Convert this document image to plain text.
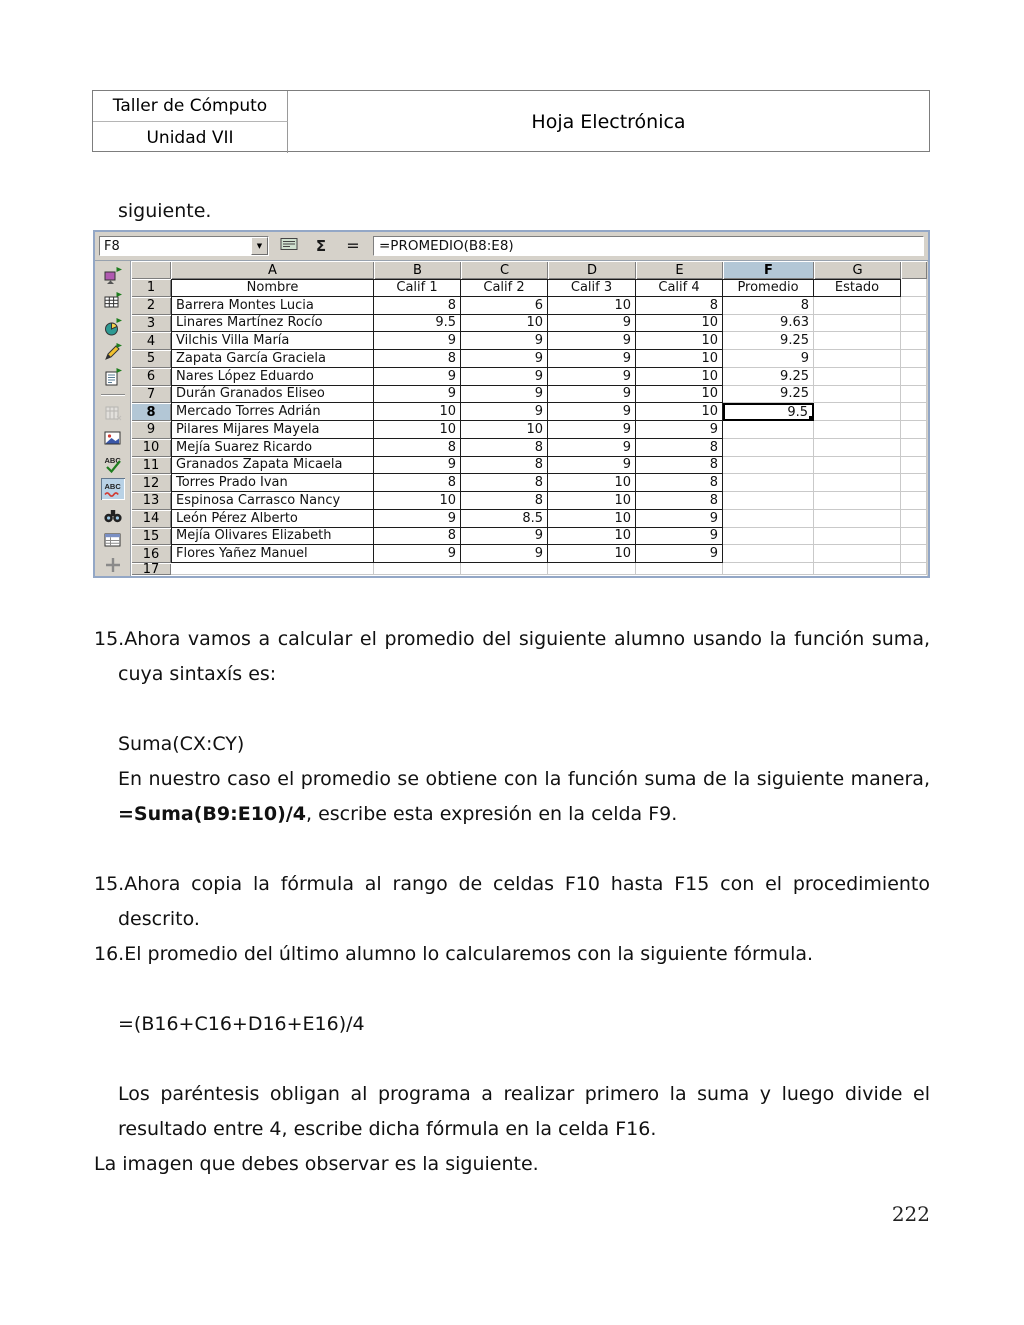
Taller de Cómputo
Hoja Electrónica
Unidad VII
siguiente.
F8	▼	Σ	=	=PROMEDIO(B8:E8)
ABC
ABC
A	B	C	D	E	F	G
1	Nombre	Calif 1	Calif 2	Calif 3	Calif 4	Promedio	Estado
2	Barrera Montes Lucia	8	6	10	8	8
3	Linares Martínez Rocío	9.5	10	9	10	9.63
4	Vilchis Villa María	9	9	9	10	9.25
5	Zapata García Graciela	8	9	9	10	9
6	Nares López Eduardo	9	9	9	10	9.25
7	Durán Granados Eliseo	9	9	9	10	9.25
8	Mercado Torres Adrián	10	9	9	10	9.5
9	Pilares Mijares Mayela	10	10	9	9
10	Mejía Suarez Ricardo	8	8	9	8
11	Granados Zapata Micaela	9	8	9	8
12	Torres Prado Ivan	8	8	10	8
13	Espinosa Carrasco Nancy	10	8	10	8
14	León Pérez Alberto	9	8.5	10	9
15	Mejía Olivares Elizabeth	8	9	10	9
16	Flores Yañez Manuel	9	9	10	9
17

15.Ahora vamos a calcular el promedio del siguiente alumno usando la función suma, cuya sintaxís es:

Suma(CX:CY)

En nuestro caso el promedio se obtiene con la función suma de la siguiente manera, =Suma(B9:E10)/4, escribe esta expresión en la celda F9.

15.Ahora copia la fórmula al rango de celdas F10 hasta F15 con el procedimiento descrito.

16.El promedio del último alumno lo calcularemos con la siguiente fórmula.

=(B16+C16+D16+E16)/4

Los paréntesis obligan al programa a realizar primero la suma y luego divide el resultado entre 4, escribe dicha fórmula en la celda F16.

La imagen que debes observar es la siguiente.

222
